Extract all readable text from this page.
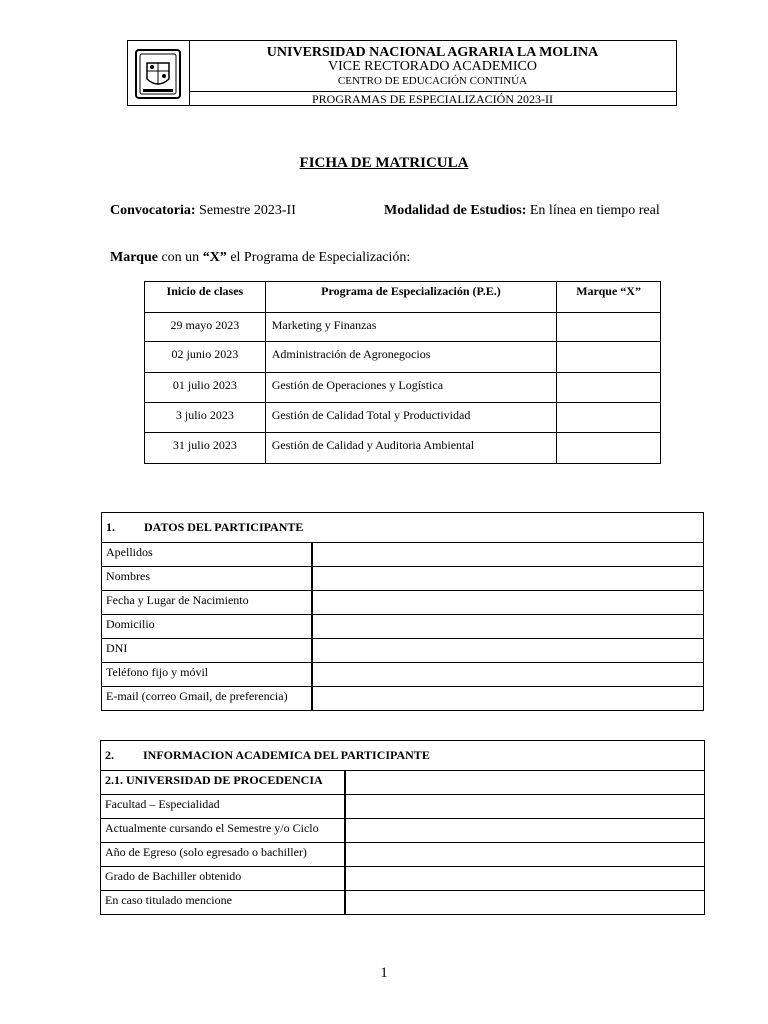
UNIVERSIDAD NACIONAL AGRARIA LA MOLINA
VICE RECTORADO ACADEMICO
CENTRO DE EDUCACIÓN CONTINÚA
PROGRAMAS DE ESPECIALIZACIÓN 2023-II
FICHA DE MATRICULA
Convocatoria: Semestre 2023-II	Modalidad de Estudios: En línea en tiempo real
Marque con un “X” el Programa de Especialización:
Inicio de clases	Programa de Especialización (P.E.)	Marque “X”
29 mayo 2023	Marketing y Finanzas	
02 junio 2023	Administración de Agronegocios	
01 julio 2023	Gestión de Operaciones y Logística	
3 julio 2023	Gestión de Calidad Total y Productividad	
31 julio 2023	Gestión de Calidad y Auditoria Ambiental	
1. DATOS DEL PARTICIPANTE	
Apellidos	
Nombres	
Fecha y Lugar de Nacimiento	
Domicilio	
DNI	
Teléfono fijo y móvil	
E-mail (correo Gmail, de preferencia)	
2. INFORMACION ACADEMICA DEL PARTICIPANTE	
2.1. UNIVERSIDAD DE PROCEDENCIA	
Facultad – Especialidad	
Actualmente cursando el Semestre y/o Ciclo	
Año de Egreso (solo egresado o bachiller)	
Grado de Bachiller obtenido	
En caso titulado mencione	
1
